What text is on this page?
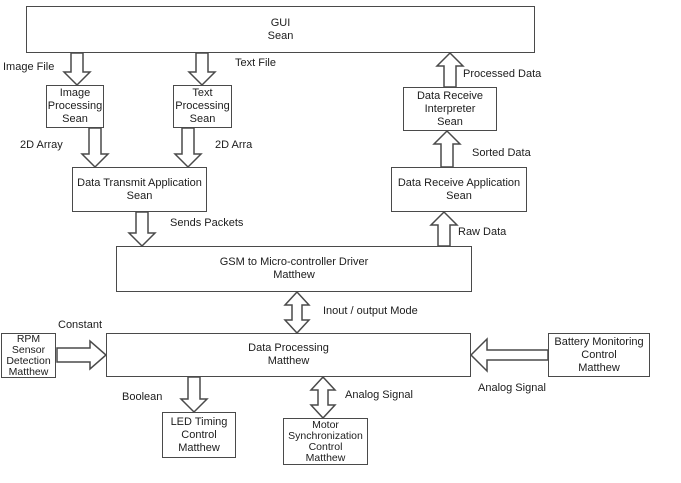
GUI
Sean
Image Processing
Sean
Text Processing
Sean
Data Receive Interpreter
Sean
Data Transmit Application
Sean
Data Receive Application
Sean
GSM to Micro-controller Driver
Matthew
RPM Sensor Detection
Matthew
Data Processing
Matthew
Battery Monitoring Control
Matthew
LED Timing Control
Matthew
Motor Synchronization Control
Matthew
Image File	Text File
Processed Data
2D Array	2D Arra
Sorted Data
Sends Packets
Raw Data
Inout / output Mode
Constant
Boolean	Analog Signal
Analog Signal
